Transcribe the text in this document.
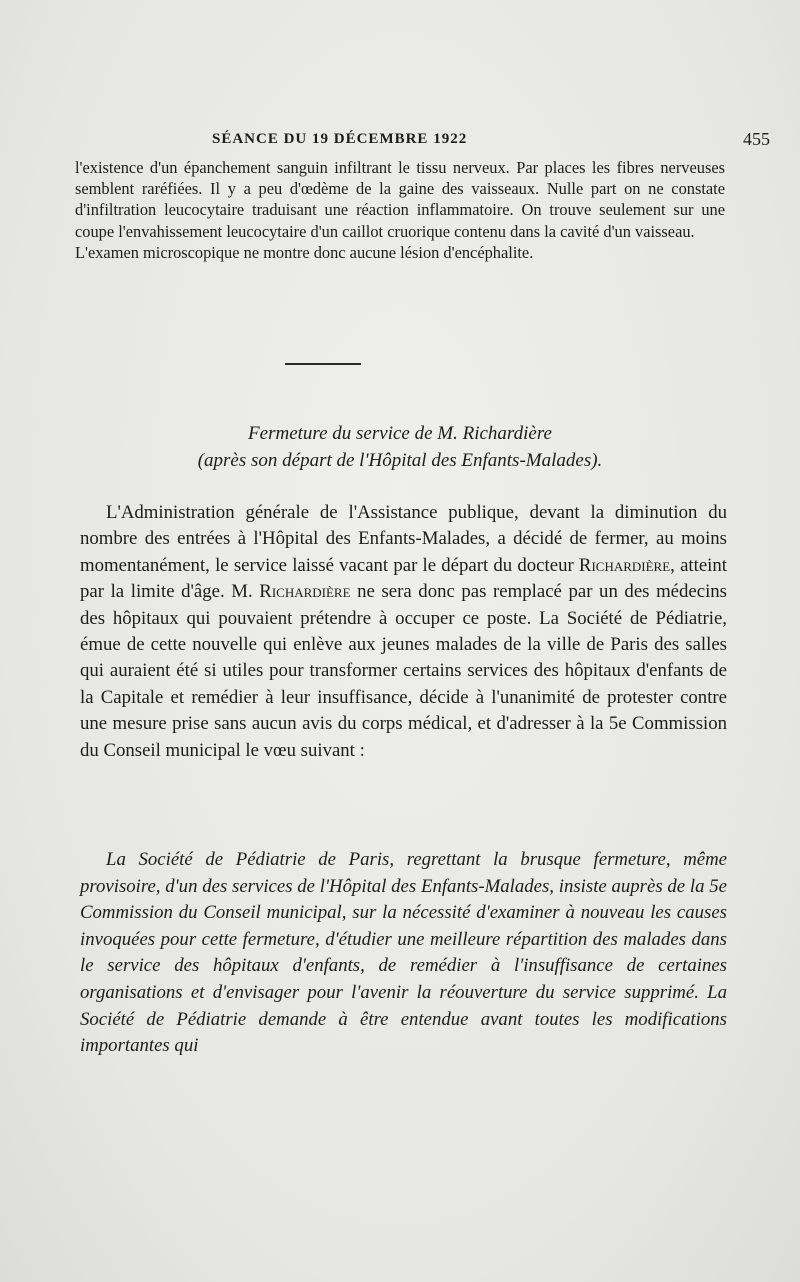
SÉANCE DU 19 DÉCEMBRE 1922	455

l'existence d'un épanchement sanguin infiltrant le tissu nerveux. Par places les fibres nerveuses semblent raréfiées. Il y a peu d'œdème de la gaine des vaisseaux. Nulle part on ne constate d'infiltration leucocytaire traduisant une réaction inflammatoire. On trouve seulement sur une coupe l'envahissement leucocytaire d'un caillot cruorique contenu dans la cavité d'un vaisseau.

L'examen microscopique ne montre donc aucune lésion d'encéphalite.

Fermeture du service de M. Richardière
(après son départ de l'Hôpital des Enfants-Malades).

L'Administration générale de l'Assistance publique, devant la diminution du nombre des entrées à l'Hôpital des Enfants-Malades, a décidé de fermer, au moins momentanément, le service laissé vacant par le départ du docteur Richardière, atteint par la limite d'âge. M. Richardière ne sera donc pas remplacé par un des médecins des hôpitaux qui pouvaient prétendre à occuper ce poste. La Société de Pédiatrie, émue de cette nouvelle qui enlève aux jeunes malades de la ville de Paris des salles qui auraient été si utiles pour transformer certains services des hôpitaux d'enfants de la Capitale et remédier à leur insuffisance, décide à l'unanimité de protester contre une mesure prise sans aucun avis du corps médical, et d'adresser à la 5e Commission du Conseil municipal le vœu suivant :

La Société de Pédiatrie de Paris, regrettant la brusque fermeture, même provisoire, d'un des services de l'Hôpital des Enfants-Malades, insiste auprès de la 5e Commission du Conseil municipal, sur la nécessité d'examiner à nouveau les causes invoquées pour cette fermeture, d'étudier une meilleure répartition des malades dans le service des hôpitaux d'enfants, de remédier à l'insuffisance de certaines organisations et d'envisager pour l'avenir la réouverture du service supprimé. La Société de Pédiatrie demande à être entendue avant toutes les modifications importantes qui
